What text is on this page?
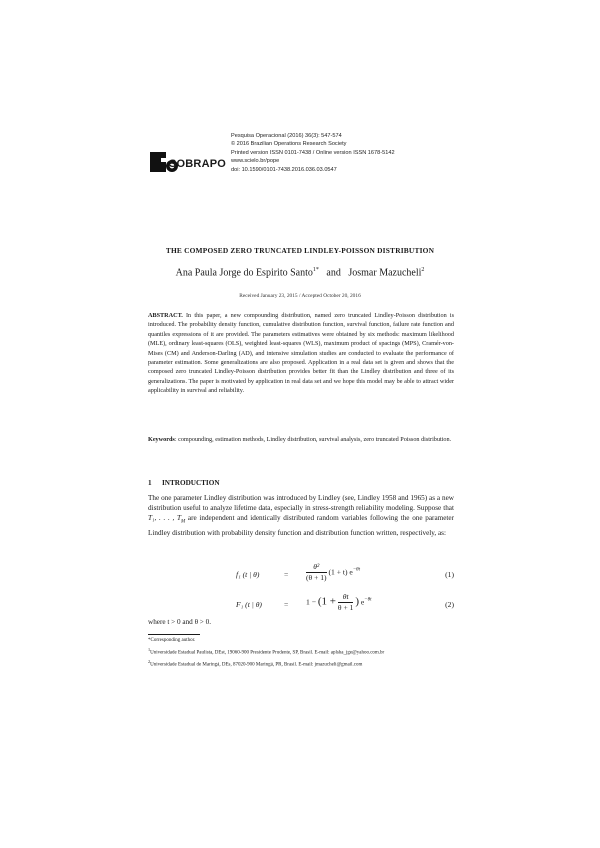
SOBRAPO
Pesquisa Operacional (2016) 36(3): 547-574
© 2016 Brazilian Operations Research Society
Printed version ISSN 0101-7438 / Online version ISSN 1678-5142
www.scielo.br/pope
doi: 10.1590/0101-7438.2016.036.03.0547
THE COMPOSED ZERO TRUNCATED LINDLEY-POISSON DISTRIBUTION
Ana Paula Jorge do Espirito Santo$^{1*}$ and Josmar Mazucheli$^2$
Received January 23, 2015 / Accepted October 20, 2016
ABSTRACT. In this paper, a new compounding distribution, named zero truncated Lindley-Poisson distribution is introduced. The probability density function, cumulative distribution function, survival function, failure rate function and quantiles expressions of it are provided. The parameters estimatives were obtained by six methods: maximum likelihood (MLE), ordinary least-squares (OLS), weighted least-squares (WLS), maximum product of spacings (MPS), Cramér-von-Mises (CM) and Anderson-Darling (AD), and intensive simulation studies are conducted to evaluate the performance of parameter estimation. Some generalizations are also proposed. Application in a real data set is given and shows that the composed zero truncated Lindley-Poisson distribution provides better fit than the Lindley distribution and three of its generalizations. The paper is motivated by application in real data set and we hope this model may be able to attract wider applicability in survival and reliability.
Keywords: compounding, estimation methods, Lindley distribution, survival analysis, zero truncated Poisson distribution.
1 INTRODUCTION
The one parameter Lindley distribution was introduced by Lindley (see, Lindley 1958 and 1965) as a new distribution useful to analyze lifetime data, especially in stress-strength reliability modeling. Suppose that T₁, . . . , $T_M$ are independent and identically distributed random variables following the one parameter Lindley distribution with probability density function and distribution function written, respectively, as:
f₁ (t | θ)	= $\frac{\text{θ²}}{(\theta + 1)} (1 + t)$ $e^{-\theta t}$	(1)
F₁ (t | θ)	= $1 - (1 + \frac{\theta t}{\theta + 1}$ ) $e^{-\theta t}$	(2)
where t > 0 and θ > 0.
*Corresponding author.
$^1$Universidade Estadual Paulista, DEst, 19060-900 Presidente Prudente, SP, Brasil. E-mail: aplsha_jge@yahoo.com.br
$^2$Universidade Estadual de Maringá, DEs, 87020-900 Maringá, PR, Brasil. E-mail: jmazucheli@gmail.com
